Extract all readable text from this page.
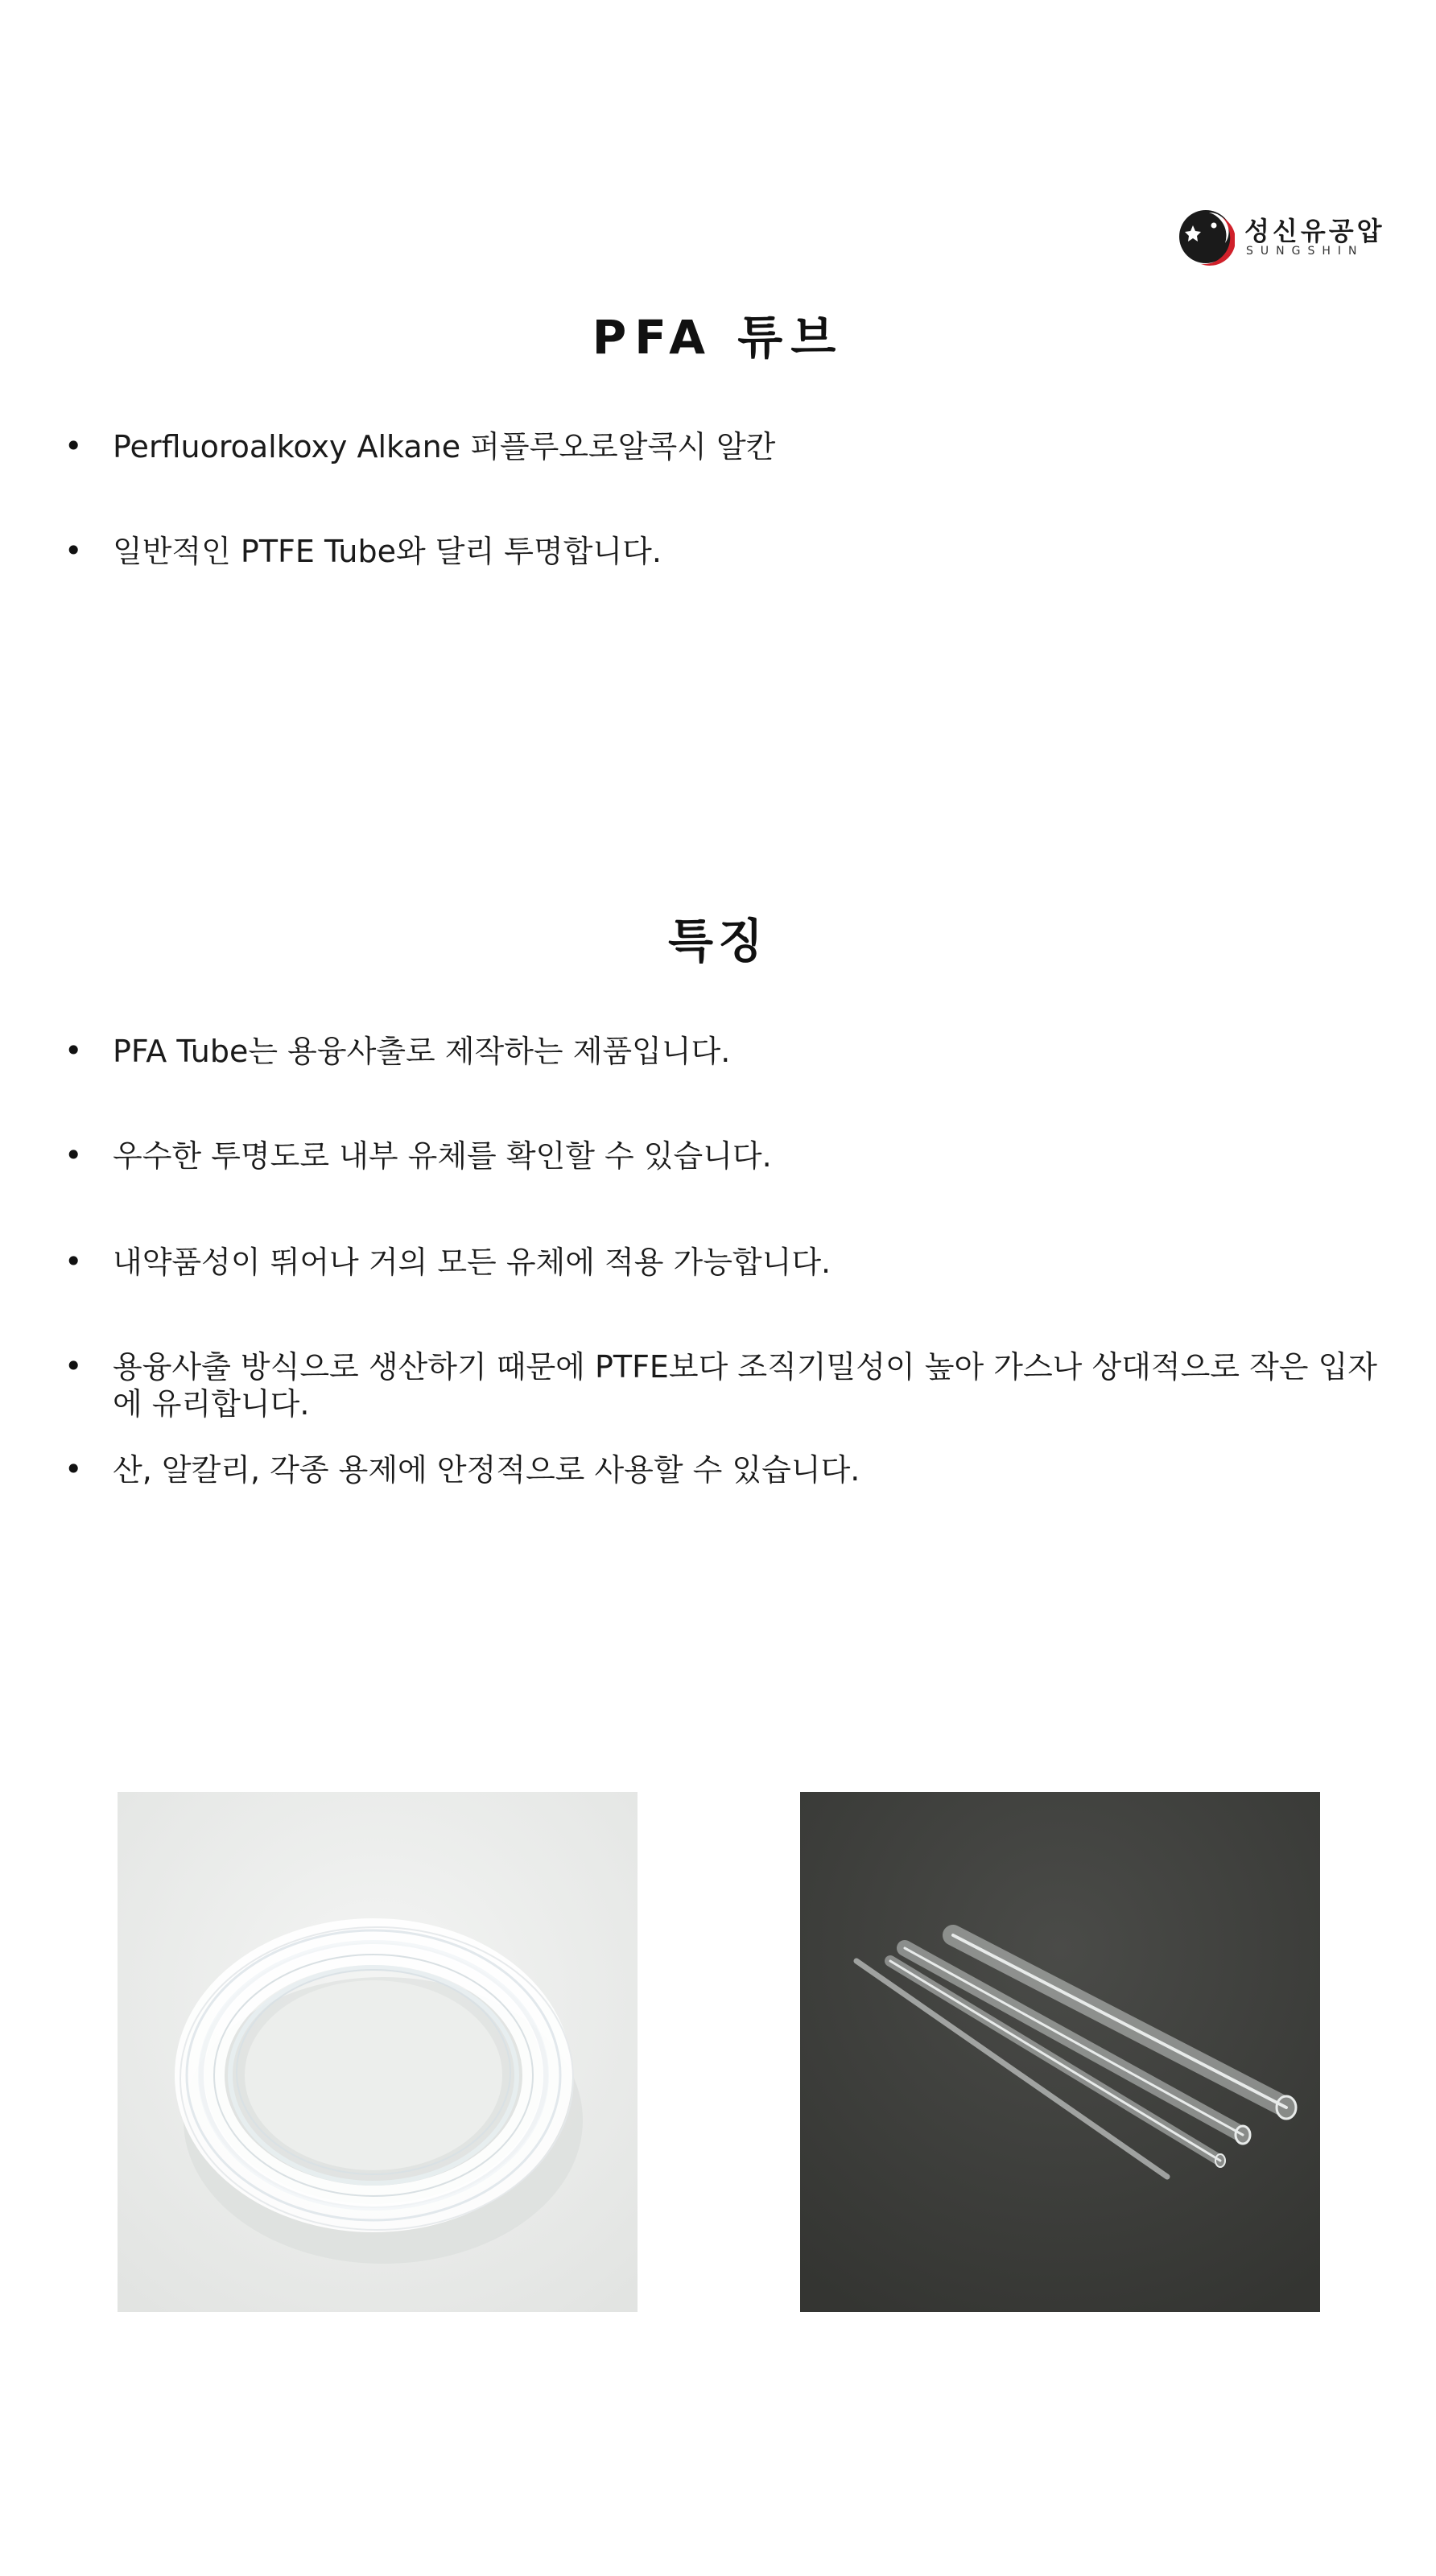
성신유공압
SUNGSHIN
PFA 튜브
• Perfluoroalkoxy Alkane 퍼플루오로알콕시 알칸
• 일반적인 PTFE Tube와 달리 투명합니다.
특징
• PFA Tube는 용융사출로 제작하는 제품입니다.
• 우수한 투명도로 내부 유체를 확인할 수 있습니다.
• 내약품성이 뛰어나 거의 모든 유체에 적용 가능합니다.
• 용융사출 방식으로 생산하기 때문에 PTFE보다 조직기밀성이 높아 가스나 상대적으로 작은 입자에 유리합니다.
• 산, 알칼리, 각종 용제에 안정적으로 사용할 수 있습니다.
